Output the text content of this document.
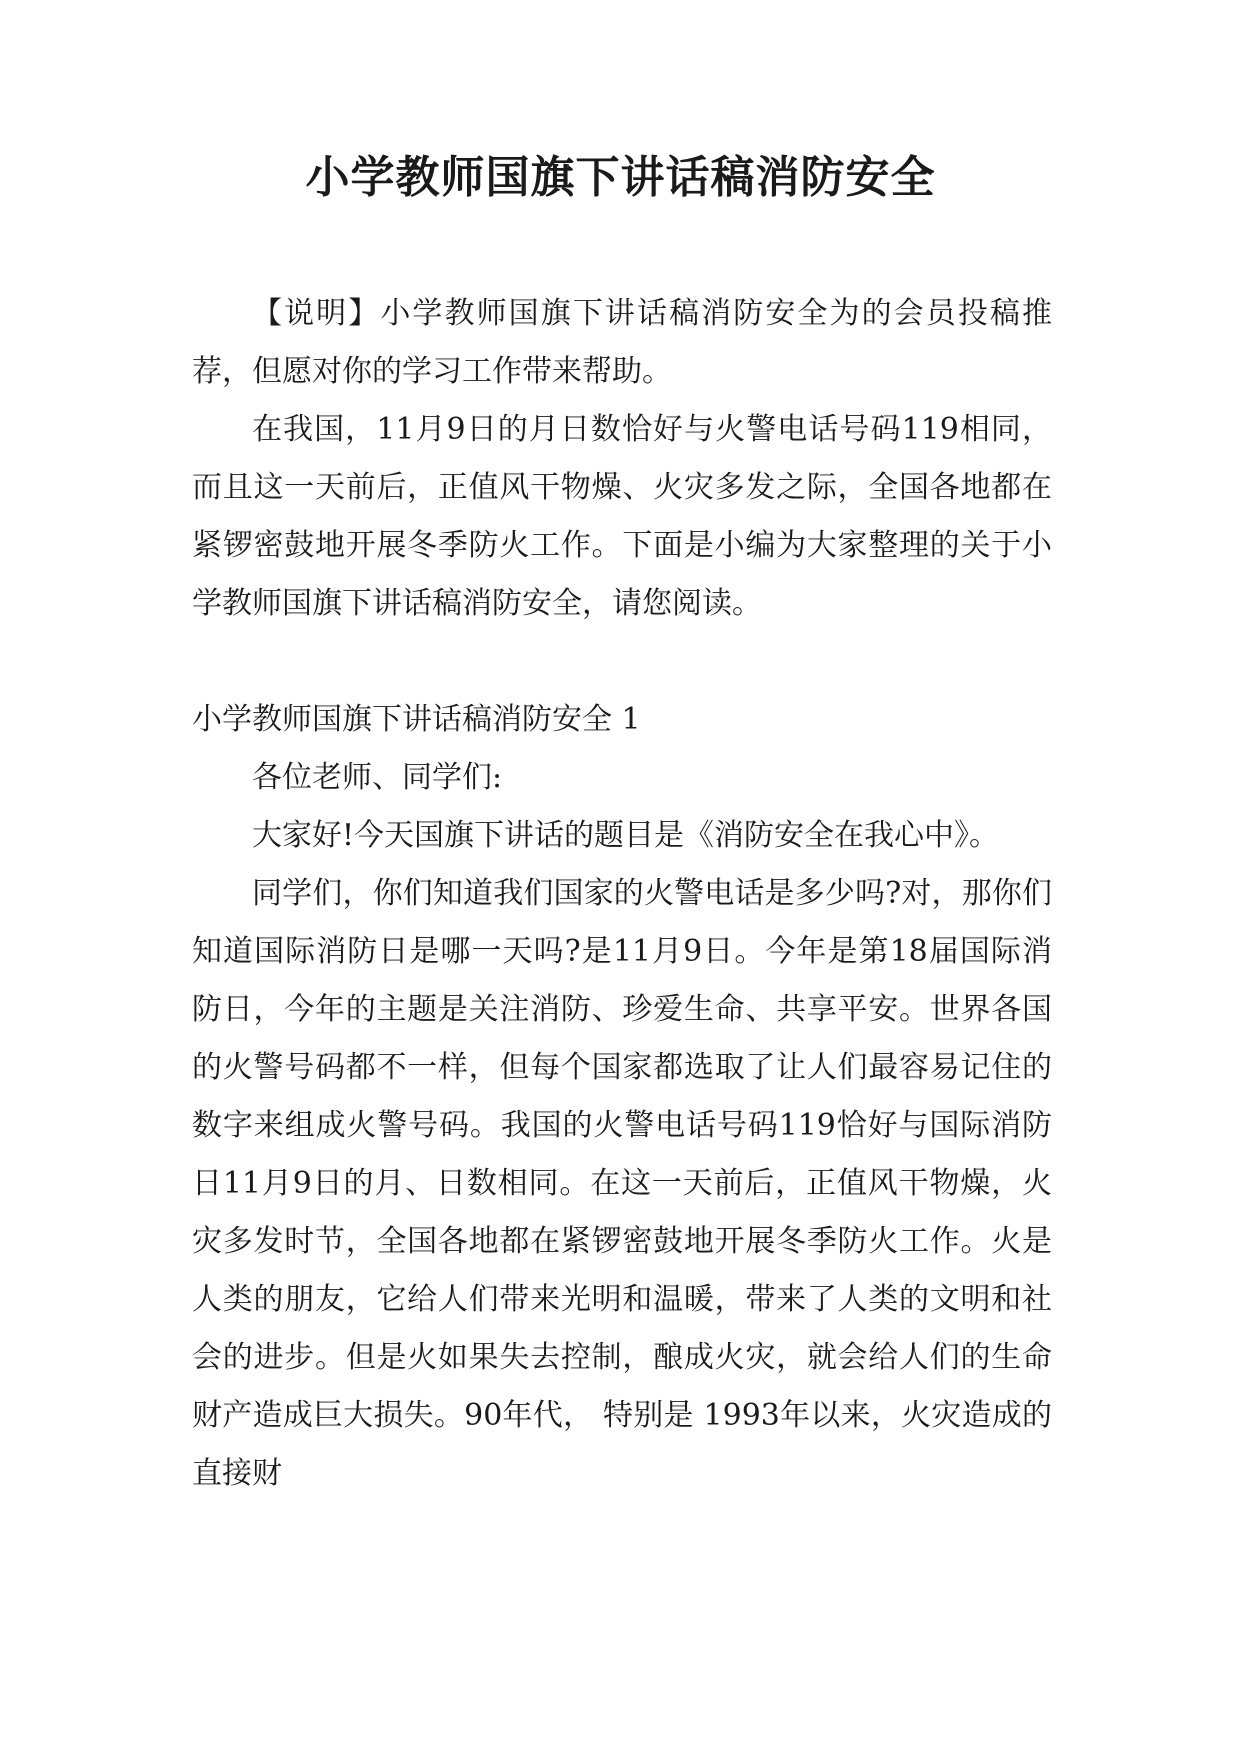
小学教师国旗下讲话稿消防安全

【说明】小学教师国旗下讲话稿消防安全为的会员投稿推荐，但愿对你的学习工作带来帮助。

在我国，11月9日的月日数恰好与火警电话号码119相同，而且这一天前后，正值风干物燥、火灾多发之际，全国各地都在紧锣密鼓地开展冬季防火工作。下面是小编为大家整理的关于小学教师国旗下讲话稿消防安全，请您阅读。

小学教师国旗下讲话稿消防安全 1

各位老师、同学们:

大家好!今天国旗下讲话的题目是《消防安全在我心中》。

同学们，你们知道我们国家的火警电话是多少吗?对，那你们知道国际消防日是哪一天吗?是11月9日。今年是第18届国际消防日，今年的主题是关注消防、珍爱生命、共享平安。世界各国的火警号码都不一样，但每个国家都选取了让人们最容易记住的数字来组成火警号码。我国的火警电话号码119恰好与国际消防日11月9日的月、日数相同。在这一天前后，正值风干物燥，火灾多发时节，全国各地都在紧锣密鼓地开展冬季防火工作。火是人类的朋友，它给人们带来光明和温暖，带来了人类的文明和社会的进步。但是火如果失去控制，酿成火灾，就会给人们的生命财产造成巨大损失。90年代， 特别是 1993年以来，火灾造成的直接财
